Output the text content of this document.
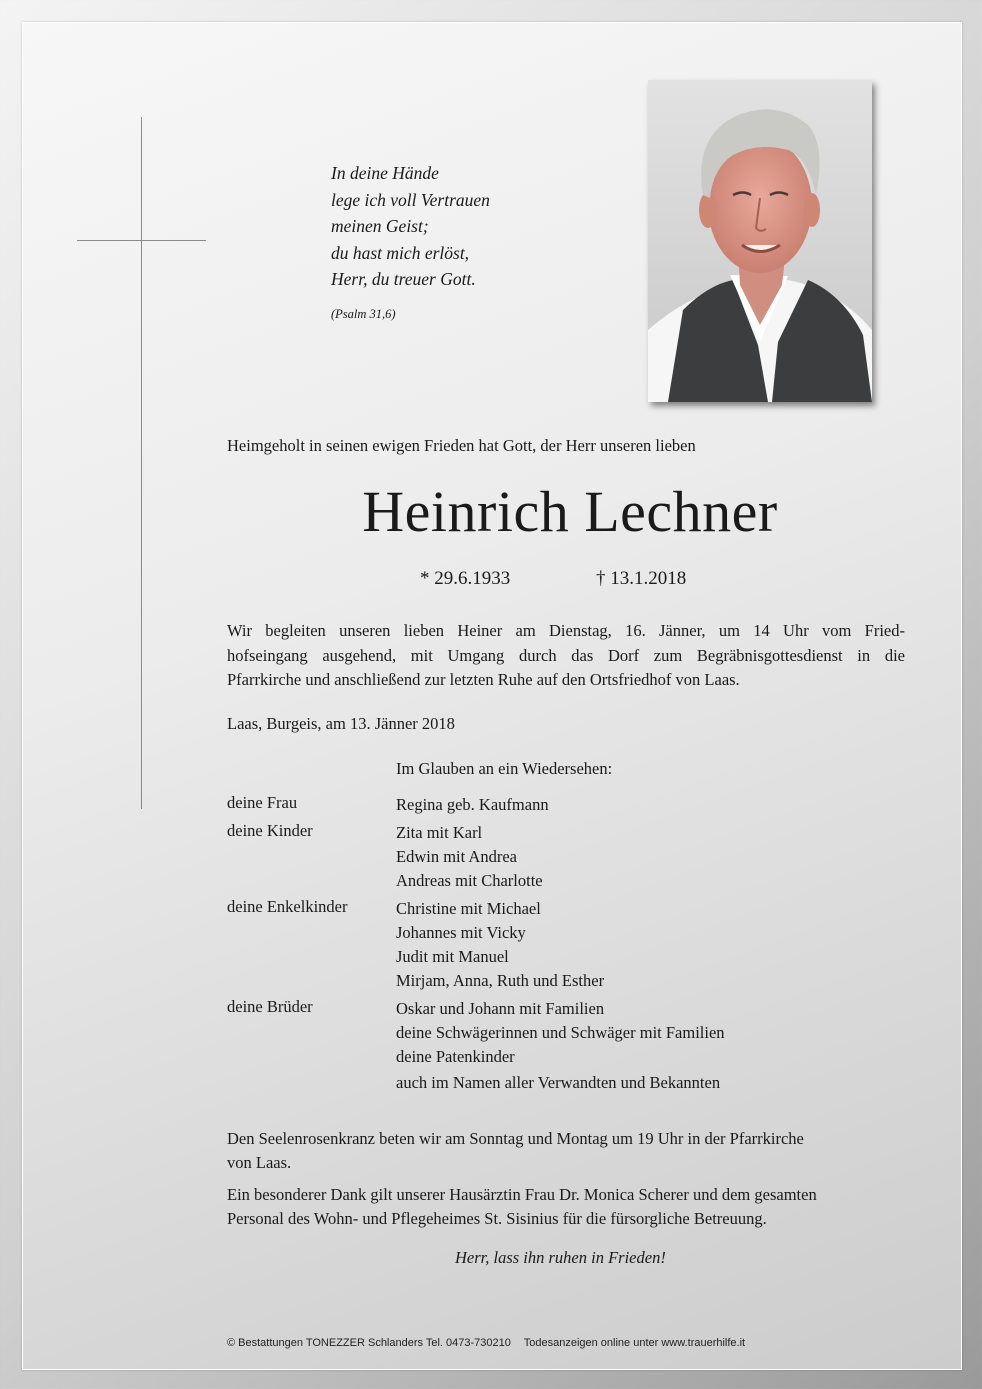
In deine Hände
lege ich voll Vertrauen
meinen Geist;
du hast mich erlöst,
Herr, du treuer Gott.
(Psalm 31,6)
Heimgeholt in seinen ewigen Frieden hat Gott, der Herr unseren lieben
Heinrich Lechner
* 29.6.1933	† 13.1.2018
Wir begleiten unseren lieben Heiner am Dienstag, 16. Jänner, um 14 Uhr vom Fried-
hofseingang ausgehend, mit Umgang durch das Dorf zum Begräbnisgottesdienst in die
Pfarrkirche und anschließend zur letzten Ruhe auf den Ortsfriedhof von Laas.
Laas, Burgeis, am 13. Jänner 2018
Im Glauben an ein Wiedersehen:
deine Frau	Regina geb. Kaufmann
deine Kinder	Zita mit Karl
Edwin mit Andrea
Andreas mit Charlotte
deine Enkelkinder	Christine mit Michael
Johannes mit Vicky
Judit mit Manuel
Mirjam, Anna, Ruth und Esther
deine Brüder	Oskar und Johann mit Familien
deine Schwägerinnen und Schwäger mit Familien
deine Patenkinder
auch im Namen aller Verwandten und Bekannten
Den Seelenrosenkranz beten wir am Sonntag und Montag um 19 Uhr in der Pfarrkirche
von Laas.
Ein besonderer Dank gilt unserer Hausärztin Frau Dr. Monica Scherer und dem gesamten
Personal des Wohn- und Pflegeheimes St. Sisinius für die fürsorgliche Betreuung.
Herr, lass ihn ruhen in Frieden!
© Bestattungen TONEZZER Schlanders Tel. 0473-730210 Todesanzeigen online unter www.trauerhilfe.it
